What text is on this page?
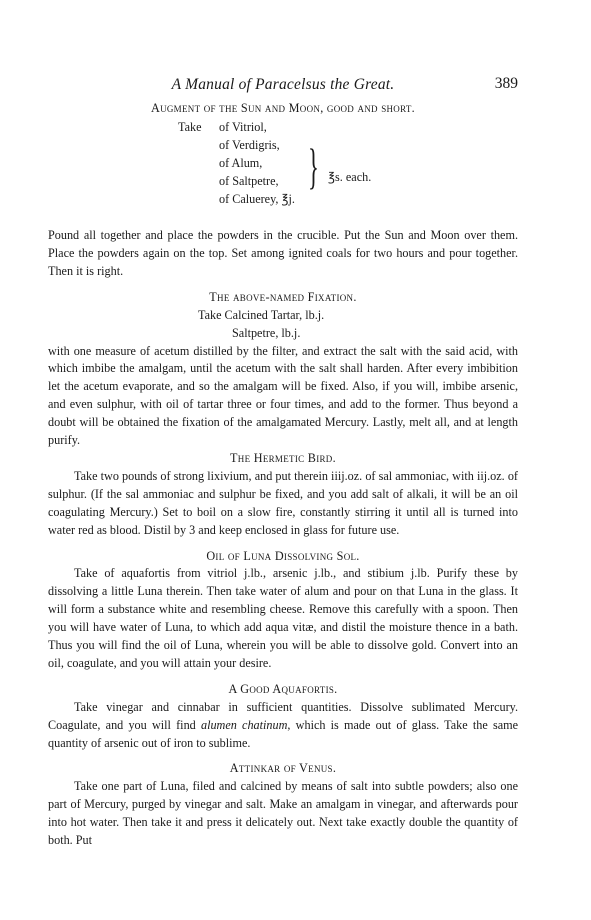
A Manual of Paracelsus the Great.	389

Augment of the Sun and Moon, good and short.

Take of Vitriol,
of Verdigris,
of Alum,
of Saltpetre,
of Caluerey, ℥j.
} ℥s. each.

Pound all together and place the powders in the crucible. Put the Sun and Moon over them. Place the powders again on the top. Set among ignited coals for two hours and pour together. Then it is right.

The above-named Fixation.

Take Calcined Tartar, lb.j.
Saltpetre, lb.j.

with one measure of acetum distilled by the filter, and extract the salt with the said acid, with which imbibe the amalgam, until the acetum with the salt shall harden. After every imbibition let the acetum evaporate, and so the amalgam will be fixed. Also, if you will, imbibe arsenic, and even sulphur, with oil of tartar three or four times, and add to the former. Thus beyond a doubt will be obtained the fixation of the amalgamated Mercury. Lastly, melt all, and at length purify.

The Hermetic Bird.

Take two pounds of strong lixivium, and put therein iiij.oz. of sal ammoniac, with iij.oz. of sulphur. (If the sal ammoniac and sulphur be fixed, and you add salt of alkali, it will be an oil coagulating Mercury.) Set to boil on a slow fire, constantly stirring it until all is turned into water red as blood. Distil by 3 and keep enclosed in glass for future use.

Oil of Luna Dissolving Sol.

Take of aquafortis from vitriol j.lb., arsenic j.lb., and stibium j.lb. Purify these by dissolving a little Luna therein. Then take water of alum and pour on that Luna in the glass. It will form a substance white and resembling cheese. Remove this carefully with a spoon. Then you will have water of Luna, to which add aqua vitæ, and distil the moisture thence in a bath. Thus you will find the oil of Luna, wherein you will be able to dissolve gold. Convert into an oil, coagulate, and you will attain your desire.

A Good Aquafortis.

Take vinegar and cinnabar in sufficient quantities. Dissolve sublimated Mercury. Coagulate, and you will find alumen chatinum, which is made out of glass. Take the same quantity of arsenic out of iron to sublime.

Attinkar of Venus.

Take one part of Luna, filed and calcined by means of salt into subtle powders; also one part of Mercury, purged by vinegar and salt. Make an amalgam in vinegar, and afterwards pour into hot water. Then take it and press it delicately out. Next take exactly double the quantity of both. Put
